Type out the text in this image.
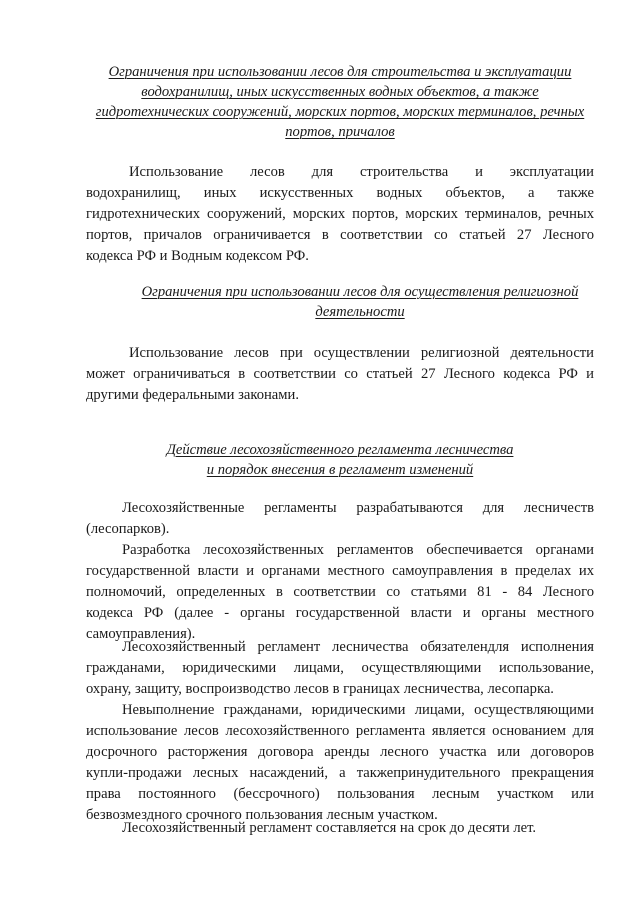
Ограничения при использовании лесов для строительства и эксплуатации
водохранилищ, иных искусственных водных объектов, а также
гидротехнических сооружений, морских портов, морских терминалов, речных
портов, причалов
Использование лесов для строительства и эксплуатации
водохранилищ, иных искусственных водных объектов, а также
гидротехнических сооружений, морских портов, морских терминалов, речных
портов, причалов ограничивается в соответствии со статьей 27 Лесного
кодекса РФ и Водным кодексом РФ.
Ограничения при использовании лесов для осуществления религиозной
деятельности
Использование лесов при осуществлении религиозной деятельности
может ограничиваться в соответствии со статьей 27 Лесного кодекса РФ и
другими федеральными законами.
Действие лесохозяйственного регламента лесничества
и порядок внесения в регламент изменений
Лесохозяйственные регламенты разрабатываются для лесничеств
(лесопарков).
Разработка лесохозяйственных регламентов обеспечивается органами
государственной власти и органами местного самоуправления в пределах их
полномочий, определенных в соответствии со статьями 81 - 84 Лесного
кодекса РФ (далее - органы государственной власти и органы местного
самоуправления).
Лесохозяйственный регламент лесничества обязателендля исполнения
гражданами, юридическими лицами, осуществляющими использование,
охрану, защиту, воспроизводство лесов в границах лесничества, лесопарка.
Невыполнение гражданами, юридическими лицами, осуществляющими
использование лесов лесохозяйственного регламента является основанием для
досрочного расторжения договора аренды лесного участка или договоров
купли-продажи лесных насаждений, а такжепринудительного прекращения
права постоянного (бессрочного) пользования лесным участком или
безвозмездного срочного пользования лесным участком.
Лесохозяйственный регламент составляется на срок до десяти лет.
